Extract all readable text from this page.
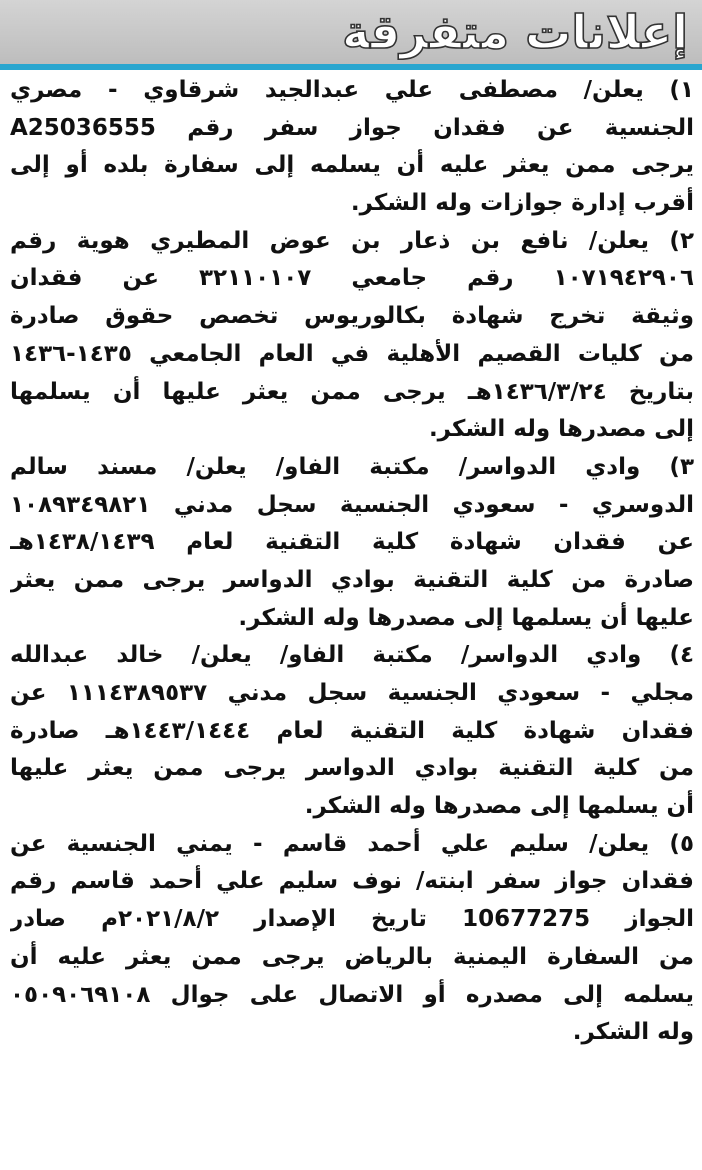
إعلانات متفرقة
١) يعلن/ مصطفى علي عبدالجيد شرقاوي - مصري
الجنسية عن فقدان جواز سفر رقم A25036555
يرجى ممن يعثر عليه أن يسلمه إلى سفارة بلده أو إلى
أقرب إدارة جوازات وله الشكر.
٢) يعلن/ نافع بن ذعار بن عوض المطيري هوية رقم
١٠٧١٩٤٢٩٠٦ رقم جامعي ٣٢١١٠١٠٧ عن فقدان
وثيقة تخرج شهادة بكالوريوس تخصص حقوق صادرة
من كليات القصيم الأهلية في العام الجامعي ١٤٣٥-١٤٣٦
بتاريخ ١٤٣٦/٣/٢٤هـ يرجى ممن يعثر عليها أن يسلمها
إلى مصدرها وله الشكر.
٣) وادي الدواسر/ مكتبة الفاو/ يعلن/ مسند سالم
الدوسري - سعودي الجنسية سجل مدني ١٠٨٩٣٤٩٨٢١
عن فقدان شهادة كلية التقنية لعام ١٤٣٨/١٤٣٩هـ
صادرة من كلية التقنية بوادي الدواسر يرجى ممن يعثر
عليها أن يسلمها إلى مصدرها وله الشكر.
٤) وادي الدواسر/ مكتبة الفاو/ يعلن/ خالد عبدالله
مجلي - سعودي الجنسية سجل مدني ١١١٤٣٨٩٥٣٧ عن
فقدان شهادة كلية التقنية لعام ١٤٤٣/١٤٤٤هـ صادرة
من كلية التقنية بوادي الدواسر يرجى ممن يعثر عليها
أن يسلمها إلى مصدرها وله الشكر.
٥) يعلن/ سليم علي أحمد قاسم - يمني الجنسية عن
فقدان جواز سفر ابنته/ نوف سليم علي أحمد قاسم رقم
الجواز 10677275 تاريخ الإصدار ٢٠٢١/٨/٢م صادر
من السفارة اليمنية بالرياض يرجى ممن يعثر عليه أن
يسلمه إلى مصدره أو الاتصال على جوال ٠٥٠٩٠٦٩١٠٨
وله الشكر.
